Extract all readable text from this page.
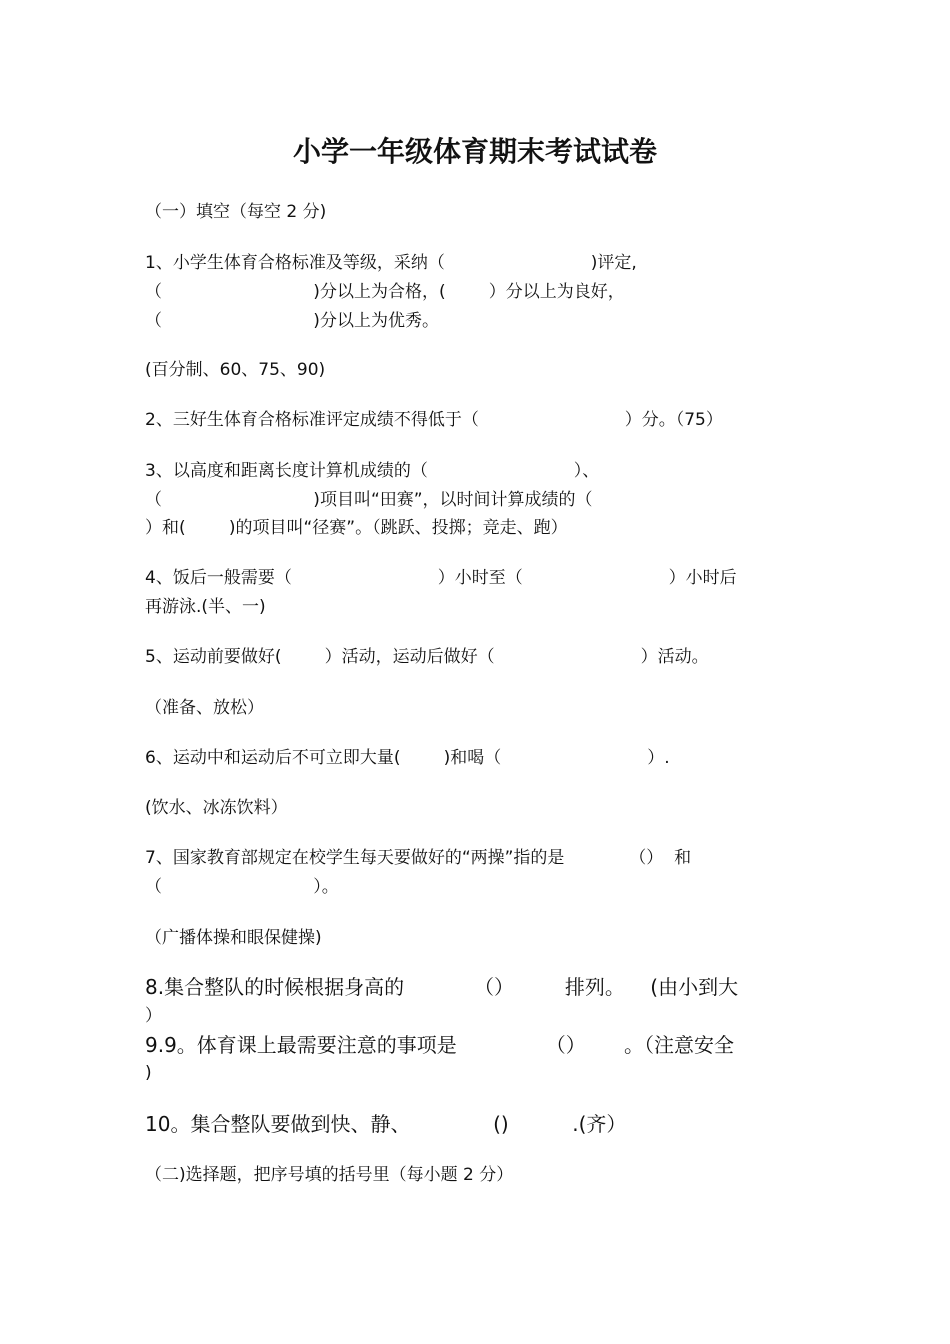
小学一年级体育期末考试试卷
（一）填空（每空 2 分)
1、小学生体育合格标准及等级，采纳（                           )评定,
（                            )分以上为合格，(        ）分以上为良好，
（                            )分以上为优秀。
(百分制、60、75、90)
2、三好生体育合格标准评定成绩不得低于（                           ）分。（75）
3、以高度和距离长度计算机成绩的（                           ）、
（                            )项目叫“田赛”，以时间计算成绩的（
）和(        )的项目叫“径赛”。（跳跃、投掷；竞走、跑）
4、饭后一般需要（                           ）小时至（                           ）小时后
再游泳.(半、一)
5、运动前要做好(        ）活动，运动后做好（                           ）活动。
（准备、放松）
6、运动中和运动后不可立即大量(        )和喝（                           ）.
(饮水、冰冻饮料）
7、国家教育部规定在校学生每天要做好的“两操”指的是            （）  和
（                            ）。
（广播体操和眼保健操)
8.集合整队的时候根据身高的           （）        排列。    (由小到大
）
9.9。体育课上最需要注意的事项是              （）      。（注意安全
)
10。集合整队要做到快、静、             ()          .(齐）
（二)选择题，把序号填的括号里（每小题 2 分）
